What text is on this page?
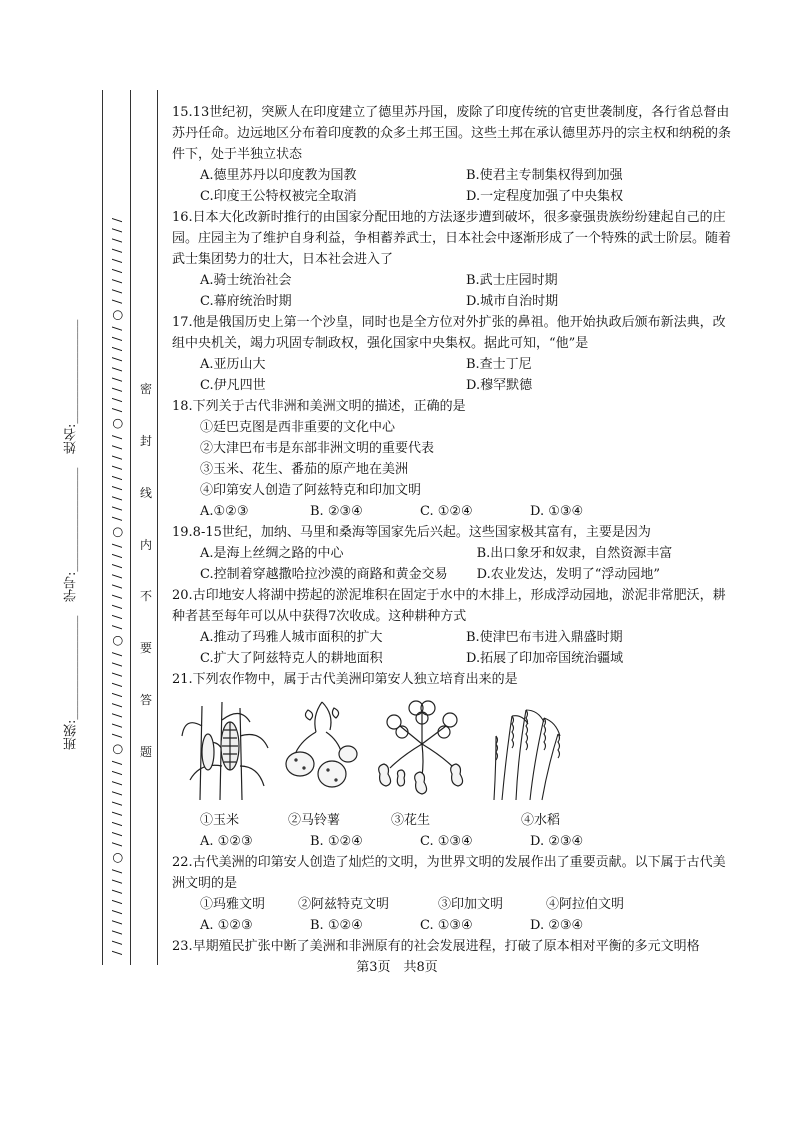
/ / / / / / / / / ○ / / / / / / / / / ○ / / / / / / / / / ○ / / / / / / / / / ○ / / / / / / / / / ○ / / / / / / / / / ○ / / / / / / / / / 密
封
线
内
不
要
答
题
班级:________________
学号:________________
姓名:________________

15.13世纪初，突厥人在印度建立了德里苏丹国，废除了印度传统的官吏世袭制度，各行省总督由苏丹任命。边远地区分布着印度教的众多土邦王国。这些土邦在承认德里苏丹的宗主权和纳税的条件下，处于半独立状态

A.德里苏丹以印度教为国教	B.使君主专制集权得到加强
C.印度王公特权被完全取消	D.一定程度加强了中央集权

16.日本大化改新时推行的由国家分配田地的方法逐步遭到破坏，很多豪强贵族纷纷建起自己的庄园。庄园主为了维护自身利益，争相蓄养武士，日本社会中逐渐形成了一个特殊的武士阶层。随着武士集团势力的壮大，日本社会进入了

A.骑士统治社会	B.武士庄园时期
C.幕府统治时期	D.城市自治时期

17.他是俄国历史上第一个沙皇，同时也是全方位对外扩张的鼻祖。他开始执政后颁布新法典，改组中央机关，竭力巩固专制政权，强化国家中央集权。据此可知，“他”是

A.亚历山大	B.查士丁尼
C.伊凡四世	D.穆罕默德

18.下列关于古代非洲和美洲文明的描述，正确的是

①廷巴克图是西非重要的文化中心
②大津巴布韦是东部非洲文明的重要代表
③玉米、花生、番茄的原产地在美洲
④印第安人创造了阿兹特克和印加文明
A.①②③	B. ②③④	C. ①②④	D. ①③④

19.8-15世纪，加纳、马里和桑海等国家先后兴起。这些国家极其富有，主要是因为

A.是海上丝绸之路的中心	B.出口象牙和奴隶，自然资源丰富
C.控制着穿越撒哈拉沙漠的商路和黄金交易	D.农业发达，发明了“浮动园地”

20.古印地安人将湖中捞起的淤泥堆积在固定于水中的木排上，形成浮动园地，淤泥非常肥沃，耕种者甚至每年可以从中获得7次收成。这种耕种方式

A.推动了玛雅人城市面积的扩大	B.使津巴布韦进入鼎盛时期
C.扩大了阿兹特克人的耕地面积	D.拓展了印加帝国统治疆域

21.下列农作物中，属于古代美洲印第安人独立培育出来的是

①玉米	②马铃薯	③花生	④水稻
A. ①②③	B. ①②④	C. ①③④	D. ②③④

22.古代美洲的印第安人创造了灿烂的文明，为世界文明的发展作出了重要贡献。以下属于古代美洲文明的是

①玛雅文明	②阿兹特克文明	③印加文明	④阿拉伯文明
A. ①②③	B. ①②④	C. ①③④	D. ②③④

23.早期殖民扩张中断了美洲和非洲原有的社会发展进程，打破了原本相对平衡的多元文明格

第3页　共8页
